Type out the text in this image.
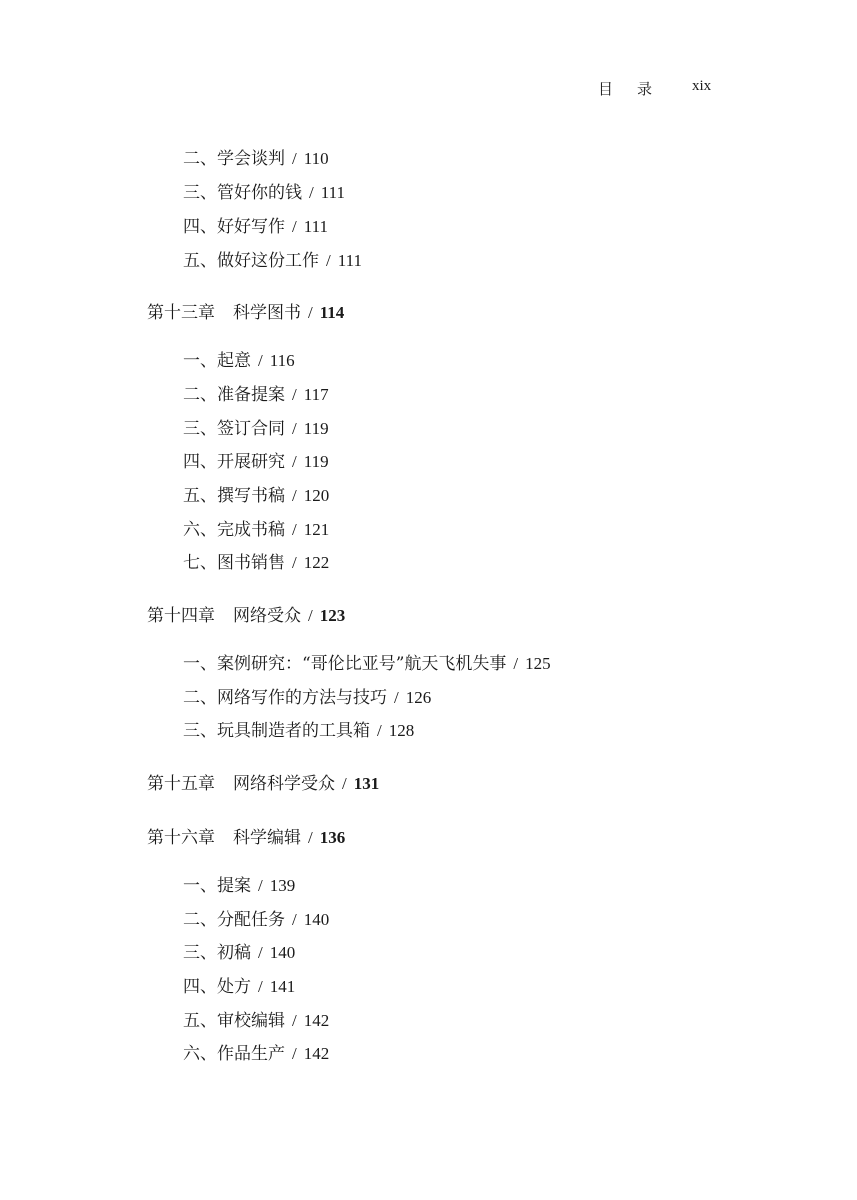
目录 xix
二、学会谈判 / 110
三、管好你的钱 / 111
四、好好写作 / 111
五、做好这份工作 / 111
第十三章 科学图书 / 114
一、起意 / 116
二、准备提案 / 117
三、签订合同 / 119
四、开展研究 / 119
五、撰写书稿 / 120
六、完成书稿 / 121
七、图书销售 / 122
第十四章 网络受众 / 123
一、案例研究：“哥伦比亚号”航天飞机失事 / 125
二、网络写作的方法与技巧 / 126
三、玩具制造者的工具箱 / 128
第十五章 网络科学受众 / 131
第十六章 科学编辑 / 136
一、提案 / 139
二、分配任务 / 140
三、初稿 / 140
四、处方 / 141
五、审校编辑 / 142
六、作品生产 / 142
